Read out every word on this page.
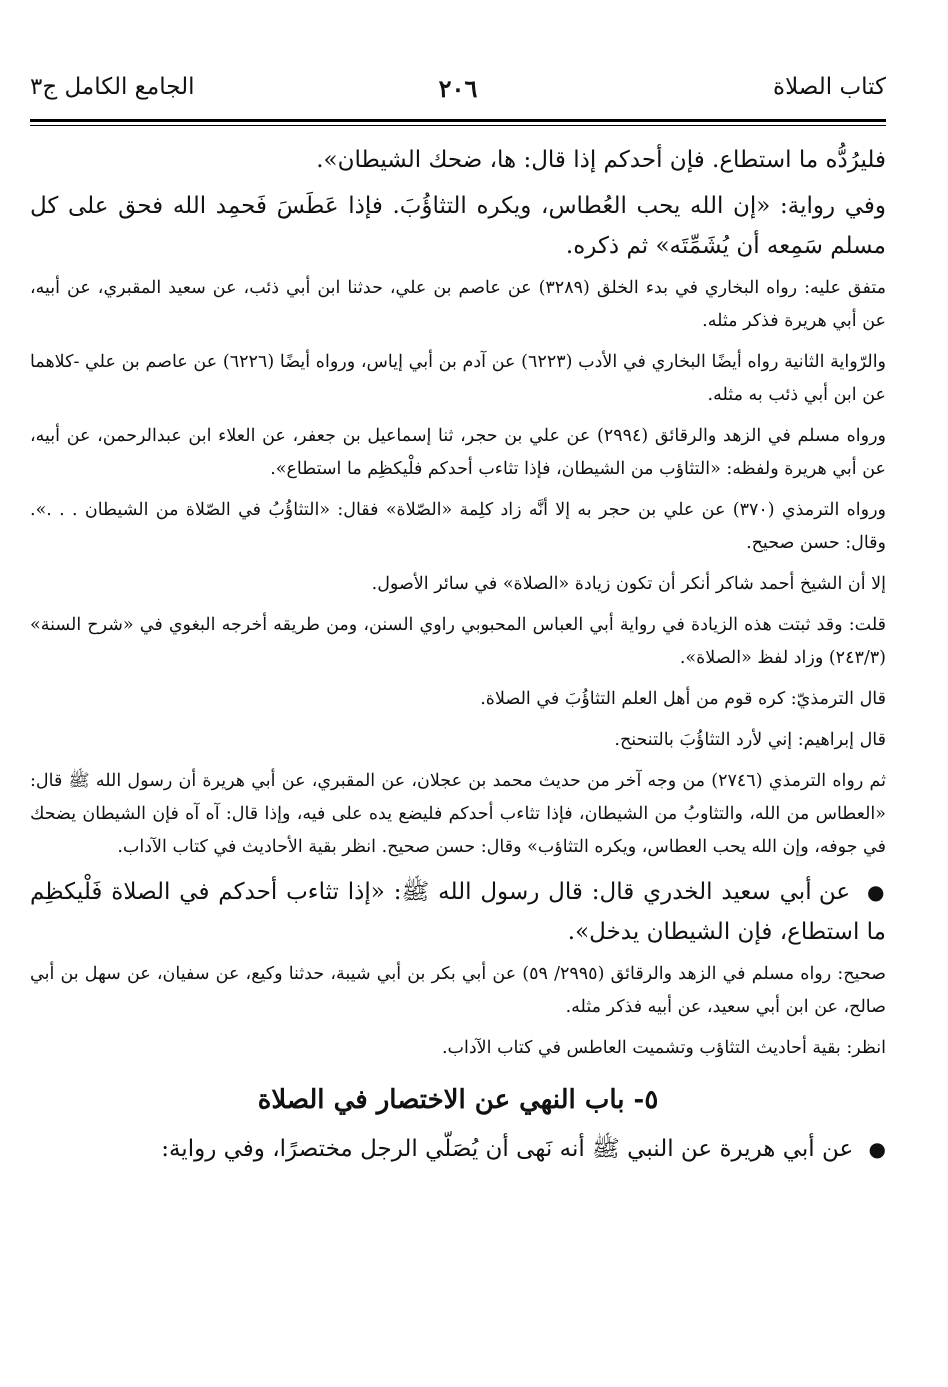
كتاب الصلاة
٢٠٦
الجامع الكامل ج٣

فليرُدُّه ما استطاع. فإن أحدكم إذا قال: ها، ضحك الشيطان».

وفي رواية: «إن الله يحب العُطاس، ويكره التثاؤُبَ. فإذا عَطَسَ فَحمِد الله فحق على كل مسلم سَمِعه أن يُشَمِّتَه» ثم ذكره.

متفق عليه: رواه البخاري في بدء الخلق (٣٢٨٩) عن عاصم بن علي، حدثنا ابن أبي ذئب، عن سعيد المقبري، عن أبيه، عن أبي هريرة فذكر مثله.

والرّواية الثانية رواه أيضًا البخاري في الأدب (٦٢٢٣) عن آدم بن أبي إياس، ورواه أيضًا (٦٢٢٦) عن عاصم بن علي -كلاهما عن ابن أبي ذئب به مثله.

ورواه مسلم في الزهد والرقائق (٢٩٩٤) عن علي بن حجر، ثنا إسماعيل بن جعفر، عن العلاء ابن عبدالرحمن، عن أبيه، عن أبي هريرة ولفظه: «التثاؤب من الشيطان، فإذا تثاءب أحدكم فلْيكظِم ما استطاع».

ورواه الترمذي (٣٧٠) عن علي بن حجر به إلا أنَّه زاد كلِمة «الصّلاة» فقال: «التثاؤُبُ في الصّلاة من الشيطان . . .». وقال: حسن صحيح.

إلا أن الشيخ أحمد شاكر أنكر أن تكون زيادة «الصلاة» في سائر الأصول.

قلت: وقد ثبتت هذه الزيادة في رواية أبي العباس المحبوبي راوي السنن، ومن طريقه أخرجه البغوي في «شرح السنة» (٢٤٣/٣) وزاد لفظ «الصلاة».

قال الترمذيّ: كره قوم من أهل العلم التثاؤُبَ في الصلاة.

قال إبراهيم: إني لأرد التثاؤُبَ بالتنحنح.

ثم رواه الترمذي (٢٧٤٦) من وجه آخر من حديث محمد بن عجلان، عن المقبري، عن أبي هريرة أن رسول الله ﷺ قال: «العطاس من الله، والتثاوبُ من الشيطان، فإذا تثاءب أحدكم فليضع يده على فيه، وإذا قال: آه آه فإن الشيطان يضحك في جوفه، وإن الله يحب العطاس، ويكره التثاؤب» وقال: حسن صحيح. انظر بقية الأحاديث في كتاب الآداب.

● عن أبي سعيد الخدري قال: قال رسول الله ﷺ: «إذا تثاءب أحدكم في الصلاة فَلْيكظِم ما استطاع، فإن الشيطان يدخل».

صحيح: رواه مسلم في الزهد والرقائق (٢٩٩٥/ ٥٩) عن أبي بكر بن أبي شيبة، حدثنا وكيع، عن سفيان، عن سهل بن أبي صالح، عن ابن أبي سعيد، عن أبيه فذكر مثله.

انظر: بقية أحاديث التثاؤب وتشميت العاطس في كتاب الآداب.

٥- باب النهي عن الاختصار في الصلاة

● عن أبي هريرة عن النبي ﷺ أنه نَهى أن يُصَلّي الرجل مختصرًا، وفي رواية:
